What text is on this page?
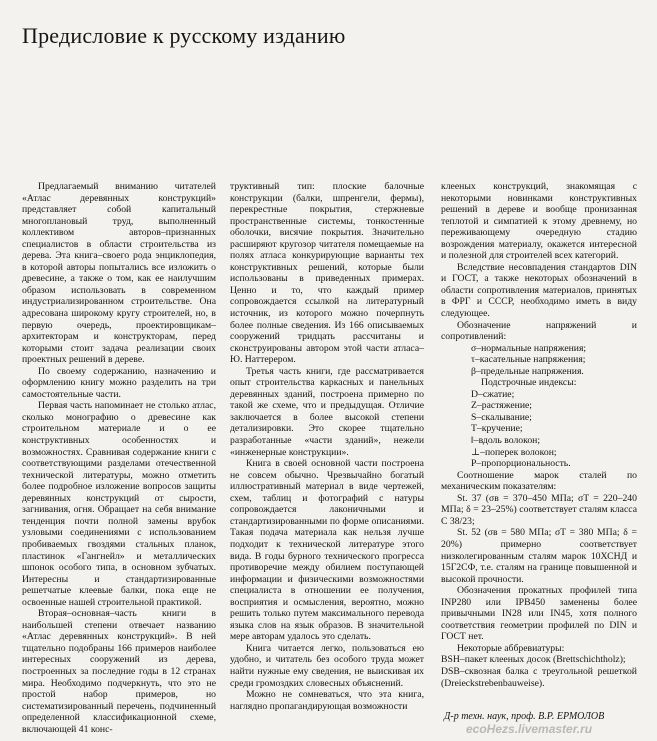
Предисловие к русскому изданию

Предлагаемый вниманию читателей «Атлас деревянных конструкций» представляет собой капитальный многоплановый труд, выполненный коллективом авторов–признанных специалистов в области строительства из дерева. Эта книга–своего рода энциклопедия, в которой авторы попытались все изложить о древесине, а также о том, как ее наилучшим образом использовать в современном индустриализированном строительстве. Она адресована широкому кругу строителей, но, в первую очередь, проектировщикам–архитекторам и конструкторам, перед которыми стоит задача реализации своих проектных решений в дереве.

По своему содержанию, назначению и оформлению книгу можно разделить на три самостоятельные части.

Первая часть напоминает не столько атлас, сколько монографию о древесине как строительном материале и о ее конструктивных особенностях и возможностях. Сравнивая содержание книги с соответствующими разделами отечественной технической литературы, можно отметить более подробное изложение вопросов защиты деревянных конструкций от сырости, загнивания, огня. Обращает на себя внимание тенденция почти полной замены врубок узловыми соединениями с использованием пробиваемых гвоздями стальных планок, пластинок «Гангнейл» и металлических шпонок особого типа, в основном зубчатых. Интересны и стандартизированные решетчатые клеевые балки, пока еще не освоенные нашей строительной практикой.

Вторая–основная–часть книги в наибольшей степени отвечает названию «Атлас деревянных конструкций». В ней тщательно подобраны 166 примеров наиболее интересных сооружений из дерева, построенных за последние годы в 12 странах мира. Необходимо подчеркнуть, что это не простой набор примеров, но систематизированный перечень, подчиненный определенной классификационной схеме, включающей 41 конс-

труктивный тип: плоские балочные конструкции (балки, шпренгели, фермы), перекрестные покрытия, стержневые пространственные системы, тонкостенные оболочки, висячие покрытия. Значительно расширяют кругозор читателя помещаемые на полях атласа конкурирующие варианты тех конструктивных решений, которые были использованы в приведенных примерах. Ценно и то, что каждый пример сопровождается ссылкой на литературный источник, из которого можно почерпнуть более полные сведения. Из 166 описываемых сооружений тридцать рассчитаны и сконструированы автором этой части атласа–Ю. Наттерером.

Третья часть книги, где рассматривается опыт строительства каркасных и панельных деревянных зданий, построена примерно по такой же схеме, что и предыдущая. Отличие заключается в более высокой степени детализировки. Это скорее тщательно разработанные «части зданий», нежели «инженерные конструкции».

Книга в своей основной части построена не совсем обычно. Чрезвычайно богатый иллюстративный материал в виде чертежей, схем, таблиц и фотографий с натуры сопровождается лаконичными и стандартизированными по форме описаниями. Такая подача материала как нельзя лучше подходит к технической литературе этого вида. В годы бурного технического прогресса противоречие между обилием поступающей информации и физическими возможностями специалиста в отношении ее получения, восприятия и осмысления, вероятно, можно решить только путем максимального перевода языка слов на язык образов. В значительной мере авторам удалось это сделать.

Книга читается легко, пользоваться ею удобно, и читатель без особого труда может найти нужные ему сведения, не выискивая их среди громоздких словесных объяснений.

Можно не сомневаться, что эта книга, наглядно пропагандирующая возможности

клееных конструкций, знакомящая с некоторыми новинками конструктивных решений в дереве и вообще пронизанная теплотой и симпатией к этому древнему, но переживающему очередную стадию возрождения материалу, окажется интересной и полезной для строителей всех категорий.

Вследствие несовпадения стандартов DIN и ГОСТ, а также некоторых обозначений в области сопротивления материалов, принятых в ФРГ и СССР, необходимо иметь в виду следующее.

Обозначение напряжений и сопротивлений:

σ–нормальные напряжения;

τ–касательные напряжения;

β–предельные напряжения.

Подстрочные индексы:

D–сжатие;

Z–растяжение;

S–скалывание;

T–кручение;

‖–вдоль волокон;

⊥–поперек волокон;

P–пропорциональность.

Соотношение марок сталей по механическим показателям:

St. 37 (σв = 370–450 МПа; σT = 220–240 МПа; δ = 23–25%) соответствует сталям класса С 38/23;

St. 52 (σв = 580 МПа; σT = 380 МПа; δ = 20%) примерно соответствует низколегированным сталям марок 10ХСНД и 15Г2СФ, т.е. сталям на границе повышенной и высокой прочности.

Обозначения прокатных профилей типа INP280 или IPB450 заменены более привычными IN28 или IN45, хотя полного соответствия геометрии профилей по DIN и ГОСТ нет.

Некоторые аббревиатуры:

BSH–пакет клееных досок (Brettschichtholz);

DSB–сквозная балка с треугольной решеткой (Dreieckstrebenbauweise).

Д-р техн. наук, проф. В.Р. ЕРМОЛОВ
ecoHezs.livemaster.ru
